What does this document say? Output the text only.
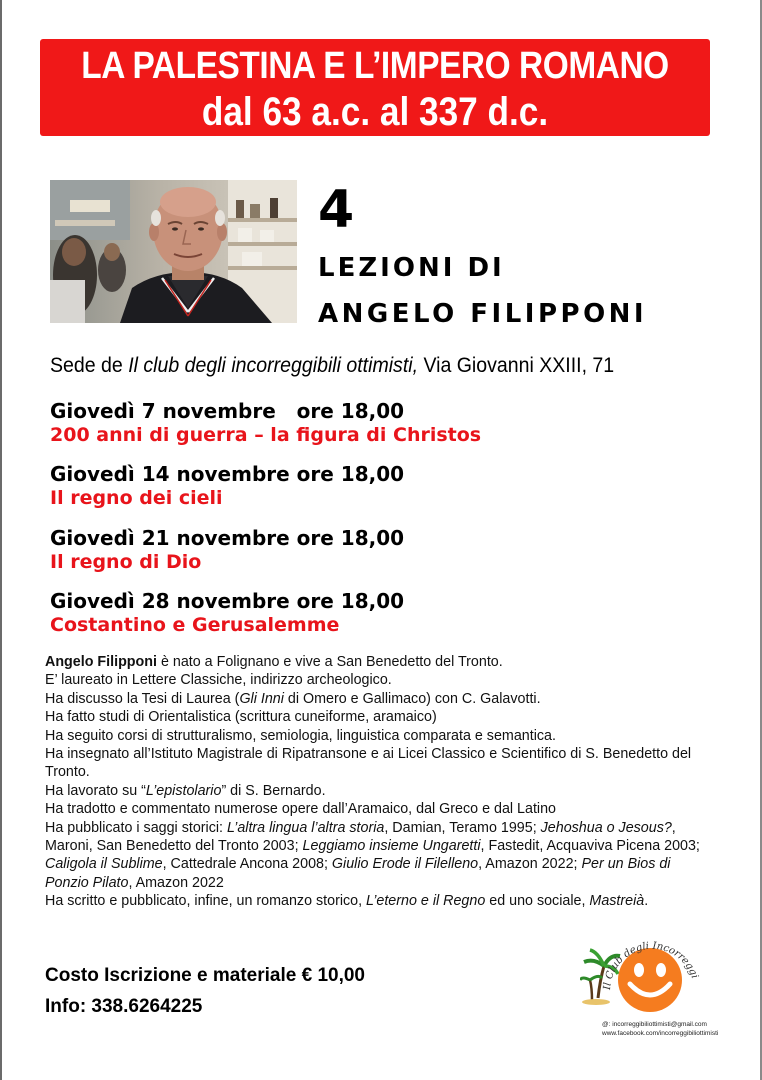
LA PALESTINA E L’IMPERO ROMANO
dal 63 a.c. al 337 d.c.
4
LEZIONI DI
ANGELO FILIPPONI
Sede de Il club degli incorreggibili ottimisti, Via Giovanni XXIII, 71
Giovedì 7 novembre   ore 18,00
200 anni di guerra – la figura di Christos
Giovedì 14 novembre ore 18,00
Il regno dei cieli
Giovedì 21 novembre ore 18,00
Il regno di Dio
Giovedì 28 novembre ore 18,00
Costantino e Gerusalemme

Angelo Filipponi è nato a Folignano e vive a San Benedetto del Tronto.

E’ laureato in Lettere Classiche, indirizzo archeologico.

Ha discusso la Tesi di Laurea (Gli Inni di Omero e Gallimaco) con C. Galavotti.

Ha fatto studi di Orientalistica (scrittura cuneiforme, aramaico)

Ha seguito corsi di strutturalismo, semiologia, linguistica comparata e semantica.

Ha insegnato all’Istituto Magistrale di Ripatransone e ai Licei Classico e Scientifico di S. Benedetto del Tronto.

Ha lavorato su “L’epistolario” di S. Bernardo.

Ha tradotto e commentato numerose opere dall’Aramaico, dal Greco e dal Latino

Ha pubblicato i saggi storici: L’altra lingua l’altra storia, Damian, Teramo 1995; Jehoshua o Jesous?, Maroni, San Benedetto del Tronto 2003; Leggiamo insieme Ungaretti, Fastedit, Acquaviva Picena 2003; Caligola il Sublime, Cattedrale Ancona 2008; Giulio Erode il Filelleno, Amazon 2022; Per un Bios di Ponzio Pilato, Amazon 2022

Ha scritto e pubblicato, infine, un romanzo storico, L’eterno e il Regno ed uno sociale, Mastreià.

Costo Iscrizione e materiale € 10,00
Info: 338.6264225
Il Club degli Incorreggi
@: incorreggibiliottimisti@gmail.com
www.facebook.com/incorreggibiliottimisti
